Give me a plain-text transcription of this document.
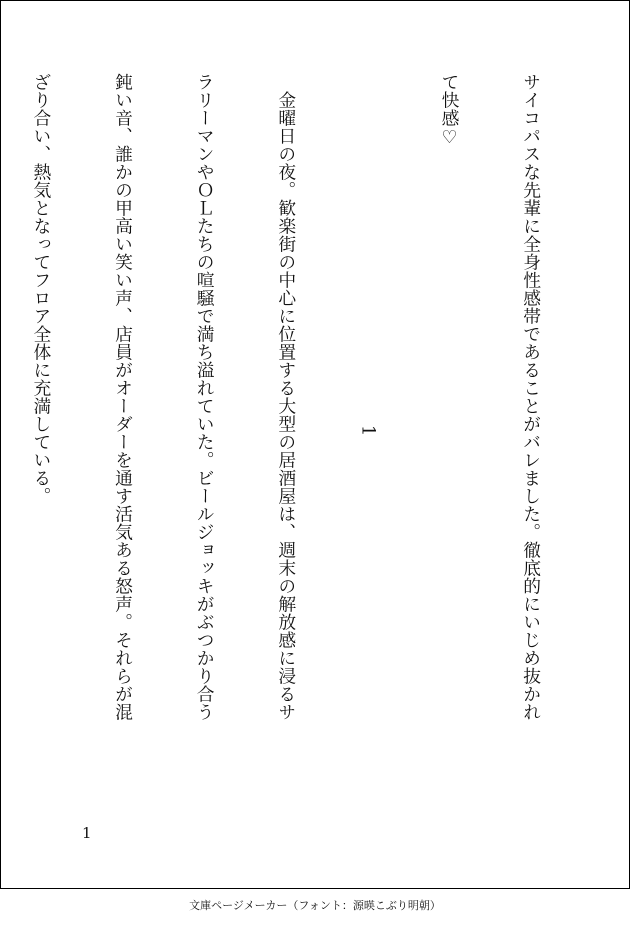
サイコパスな先輩に全身性感帯であることがバレました。徹底的にいじめ抜かれ

て快感♡

1

　金曜日の夜。歓楽街の中心に位置する大型の居酒屋は、週末の解放感に浸るサ

ラリーマンやＯＬたちの喧騒で満ち溢れていた。ビールジョッキがぶつかり合う

鈍い音、誰かの甲高い笑い声、店員がオーダーを通す活気ある怒声。それらが混

ざり合い、熱気となってフロア全体に充満している。

1
文庫ページメーカー（フォント：源暎こぶり明朝）
